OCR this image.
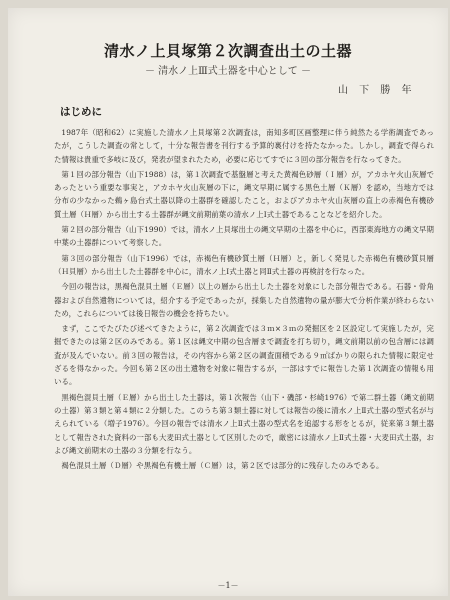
清水ノ上貝塚第２次調査出土の土器
－ 清水ノ上Ⅲ式土器を中心として －
山 下 勝 年
はじめに

1987年（昭和62）に実施した清水ノ上貝塚第２次調査は，南知多町区画整理に伴う純然たる学術調査であったが，こうした調査の常として，十分な報告書を刊行する予算的裏付けを持たなかった。しかし，調査で得られた情報は貴重で多岐に及び，発表が望まれたため，必要に応じてすでに３回の部分報告を行なってきた。

第１回の部分報告（山下1988）は，第１次調査で基盤層と考えた黄褐色砂層（Ｉ層）が，アカホヤ火山灰層であったという重要な事実と，アカホヤ火山灰層の下に，縄文早期に属する黒色土層（Ｋ層）を認め，当地方では分布の少なかった鵜ヶ島台式土器以降の土器群を確認したこと，およびアカホヤ火山灰層の直上の赤褐色有機砂質土層（Ｈ層）から出土する土器群が縄文前期前葉の清水ノ上Ⅰ式土器であることなどを紹介した。

第２回の部分報告（山下1990）では，清水ノ上貝塚出土の縄文早期の土器を中心に，西部東海地方の縄文早期中葉の土器群について考察した。

第３回の部分報告（山下1996）では，赤褐色有機砂質土層（Ｈ層）と，新しく発見した赤褐色有機砂質貝層（Ｈ貝層）から出土した土器群を中心に，清水ノ上Ⅰ式土器と同Ⅱ式土器の再検討を行なった。

今回の報告は，黒褐色混貝土層（Ｅ層）以上の層から出土した土器を対象にした部分報告である。石器・骨角器および自然遺物については，紹介する予定であったが，採集した自然遺物の量が膨大で分析作業が終わらないため，これらについては後日報告の機会を持ちたい。

まず，ここでたびたび述べてきたように，第２次調査では３ｍ×３ｍの発掘区を２区設定して実施したが，完掘できたのは第２区のみである。第１区は縄文中期の包含層まで調査を打ち切り，縄文前期以前の包含層には調査が及んでいない。前３回の報告は，その内容から第２区の調査面積である９㎡ばかりの限られた情報に限定せざるを得なかった。今回も第２区の出土遺物を対象に報告するが，一部はすでに報告した第１次調査の情報も用いる。

黒褐色混貝土層（Ｅ層）から出土した土器は，第１次報告（山下・磯部・杉崎1976）で第二群土器（縄文前期の土器）第３類と第４類に２分類した。このうち第３類土器に対しては報告の後に清水ノ上Ⅱ式土器の型式名が与えられている（増子1976）。今回の報告では清水ノ上Ⅱ式土器の型式名を追認する形をとるが，従来第３類土器として報告された資料の一部も大麦田式土器として区別したので，厳密には清水ノ上Ⅱ式土器・大麦田式土器，および縄文前期末の土器の３分類を行なう。

褐色混貝土層（Ｄ層）や黒褐色有機土層（Ｃ層）は，第２区では部分的に残存したのみである。

－1－
